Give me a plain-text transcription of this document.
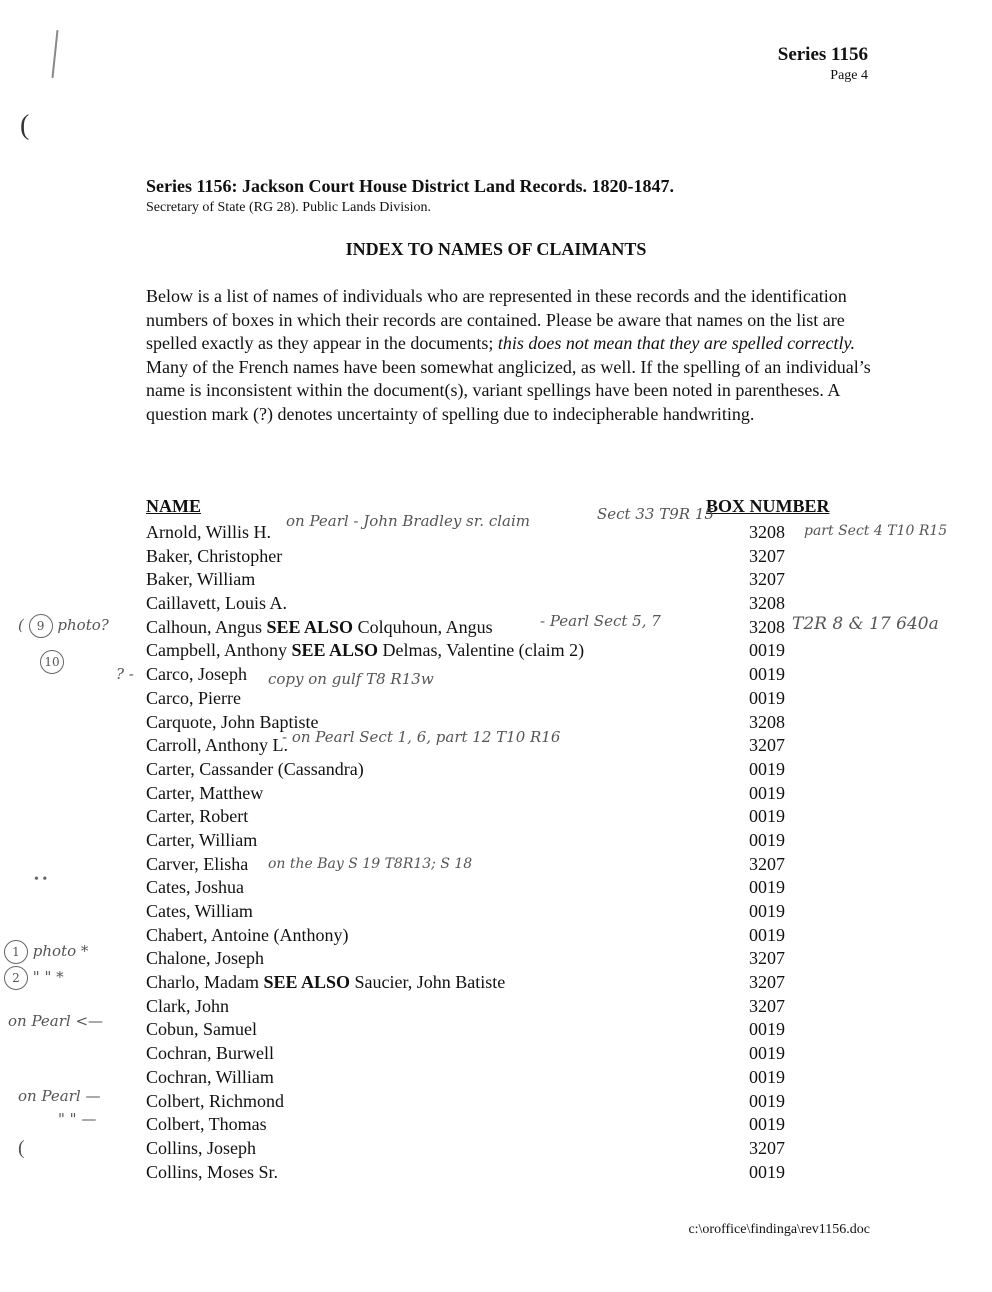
Series 1156
Page 4
(
Series 1156: Jackson Court House District Land Records. 1820-1847.
Secretary of State (RG 28). Public Lands Division.
INDEX TO NAMES OF CLAIMANTS

Below is a list of names of individuals who are represented in these records and the identification numbers of boxes in which their records are contained. Please be aware that names on the list are spelled exactly as they appear in the documents; this does not mean that they are spelled correctly. Many of the French names have been somewhat anglicized, as well. If the spelling of an individual’s name is inconsistent within the document(s), variant spellings have been noted in parentheses. A question mark (?) denotes uncertainty of spelling due to indecipherable handwriting.

NAME	BOX NUMBER
Arnold, Willis H.	3208
Baker, Christopher	3207
Baker, William	3207
Caillavett, Louis A.	3208
Calhoun, Angus SEE ALSO Colquhoun, Angus	3208
Campbell, Anthony SEE ALSO Delmas, Valentine (claim 2)	0019
Carco, Joseph	0019
Carco, Pierre	0019
Carquote, John Baptiste	3208
Carroll, Anthony L.	3207
Carter, Cassander (Cassandra)	0019
Carter, Matthew	0019
Carter, Robert	0019
Carter, William	0019
Carver, Elisha	3207
Cates, Joshua	0019
Cates, William	0019
Chabert, Antoine (Anthony)	0019
Chalone, Joseph	3207
Charlo, Madam SEE ALSO Saucier, John Batiste	3207
Clark, John	3207
Cobun, Samuel	0019
Cochran, Burwell	0019
Cochran, William	0019
Colbert, Richmond	0019
Colbert, Thomas	0019
Collins, Joseph	3207
Collins, Moses Sr.	0019
on Pearl - John Bradley sr. claim	Sect 33 T9R 15
part Sect 4 T10 R15
( 9 photo?	- Pearl Sect 5, 7	T2R 8 & 17 640a
10
? -	copy on gulf T8 R13w
- on Pearl Sect 1, 6, part 12 T10 R16
on the Bay S 19 T8R13; S 18
• •
1 photo *
2 " " *
on Pearl <—
on Pearl —
" " —
(
c:\oroffice\findinga\rev1156.doc
